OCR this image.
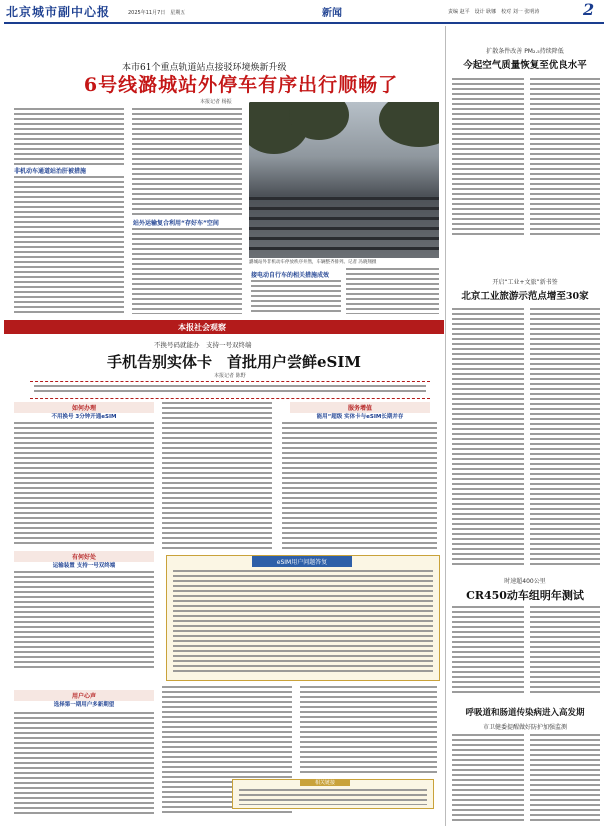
北京城市副中心报	2025年11月7日　星期五	新闻	责编 赵平　设计 耿娜　校对 刘一 张明涛	2
本市61个重点轨道站点接驳环境焕新升级
6号线潞城站外停车有序出行顺畅了
本报记者 杨振
非机动车通道站治肝被措施
站外运输复合利用“存好车”空间
潞城站外非机动车停放秩序井然，车辆整齐排列。记者 冯晓翔摄
接电动自行车的相关措施成效
本报社会观察
不换号码就能办　支持一号双终端
手机告别实体卡　首批用户尝鲜eSIM
本报记者 陈野
如何办理
不用换号 3分钟开通eSIM
有何好处
运输装置 支持一号双终端
用户心声
选择第一期用户多新期望
服务增值
能用“超级 实体卡与eSIM长期并存
eSIM用户问题答复
相关链接
扩散条件改善 PM₂.₅持续降低
今起空气质量恢复至优良水平
开启“工业+文旅”新书签
北京工业旅游示范点增至30家
时速超400公里
CR450动车组明年测试
呼吸道和肠道传染病进入高发期
市卫健委提醒做好防护加强监测
